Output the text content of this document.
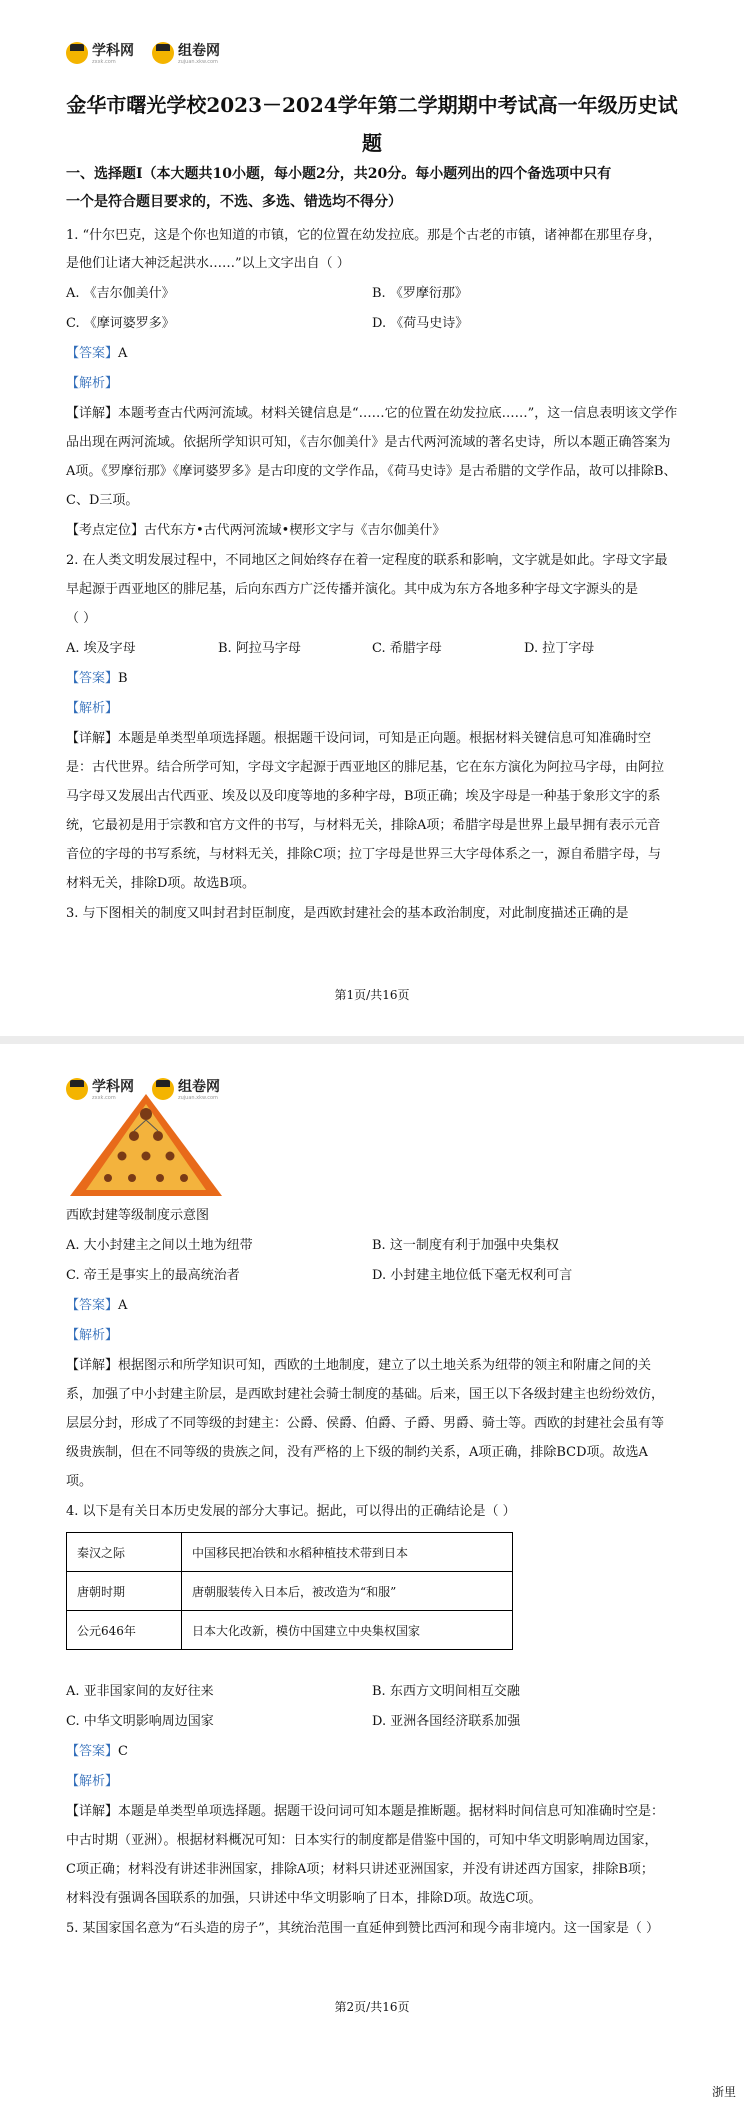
学科网
zxxk.com
组卷网
zujuan.xkw.com
金华市曙光学校2023－2024学年第二学期期中考试高一年级历史试
题
一、选择题Ⅰ（本大题共10小题，每小题2分，共20分。每小题列出的四个备选项中只有
一个是符合题目要求的，不选、多选、错选均不得分）
1. “什尔巴克，这是个你也知道的市镇，它的位置在幼发拉底。那是个古老的市镇，诸神都在那里存身，
是他们让诸大神泛起洪水……”以上文字出自（ ）
A. 《吉尔伽美什》	B. 《罗摩衍那》
C. 《摩诃婆罗多》	D. 《荷马史诗》
【答案】A
【解析】
【详解】本题考查古代两河流域。材料关键信息是“……它的位置在幼发拉底……”，这一信息表明该文学作
品出现在两河流域。依据所学知识可知，《吉尔伽美什》是古代两河流域的著名史诗，所以本题正确答案为
A项。《罗摩衍那》《摩诃婆罗多》是古印度的文学作品，《荷马史诗》是古希腊的文学作品，故可以排除B、
C、D三项。
【考点定位】古代东方•古代两河流域•楔形文字与《吉尔伽美什》
2. 在人类文明发展过程中，不同地区之间始终存在着一定程度的联系和影响，文字就是如此。字母文字最
早起源于西亚地区的腓尼基，后向东西方广泛传播并演化。其中成为东方各地多种字母文字源头的是
（ ）
A. 埃及字母	B. 阿拉马字母	C. 希腊字母	D. 拉丁字母
【答案】B
【解析】
【详解】本题是单类型单项选择题。根据题干设问词，可知是正向题。根据材料关键信息可知准确时空
是：古代世界。结合所学可知，字母文字起源于西亚地区的腓尼基，它在东方演化为阿拉马字母，由阿拉
马字母又发展出古代西亚、埃及以及印度等地的多种字母，B项正确；埃及字母是一种基于象形文字的系
统，它最初是用于宗教和官方文件的书写，与材料无关，排除A项；希腊字母是世界上最早拥有表示元音
音位的字母的书写系统，与材料无关，排除C项；拉丁字母是世界三大字母体系之一，源自希腊字母，与
材料无关，排除D项。故选B项。
3. 与下图相关的制度又叫封君封臣制度，是西欧封建社会的基本政治制度，对此制度描述正确的是
第1页/共16页
学科网
zxxk.com
组卷网
zujuan.xkw.com
西欧封建等级制度示意图
A. 大小封建主之间以土地为纽带	B. 这一制度有利于加强中央集权
C. 帝王是事实上的最高统治者	D. 小封建主地位低下毫无权利可言
【答案】A
【解析】
【详解】根据图示和所学知识可知，西欧的土地制度，建立了以土地关系为纽带的领主和附庸之间的关
系，加强了中小封建主阶层，是西欧封建社会骑士制度的基础。后来，国王以下各级封建主也纷纷效仿，
层层分封，形成了不同等级的封建主：公爵、侯爵、伯爵、子爵、男爵、骑士等。西欧的封建社会虽有等
级贵族制，但在不同等级的贵族之间，没有严格的上下级的制约关系，A项正确，排除BCD项。故选A
项。
4. 以下是有关日本历史发展的部分大事记。据此，可以得出的正确结论是（ ）
秦汉之际	中国移民把冶铁和水稻种植技术带到日本
唐朝时期	唐朝服装传入日本后，被改造为“和服”
公元646年	日本大化改新，模仿中国建立中央集权国家
A. 亚非国家间的友好往来	B. 东西方文明间相互交融
C. 中华文明影响周边国家	D. 亚洲各国经济联系加强
【答案】C
【解析】
【详解】本题是单类型单项选择题。据题干设问词可知本题是推断题。据材料时间信息可知准确时空是：
中古时期（亚洲）。根据材料概况可知：日本实行的制度都是借鉴中国的，可知中华文明影响周边国家，
C项正确；材料没有讲述非洲国家，排除A项；材料只讲述亚洲国家，并没有讲述西方国家，排除B项；
材料没有强调各国联系的加强，只讲述中华文明影响了日本，排除D项。故选C项。
5. 某国家国名意为“石头造的房子”，其统治范围一直延伸到赞比西河和现今南非境内。这一国家是（ ）
第2页/共16页
浙里
